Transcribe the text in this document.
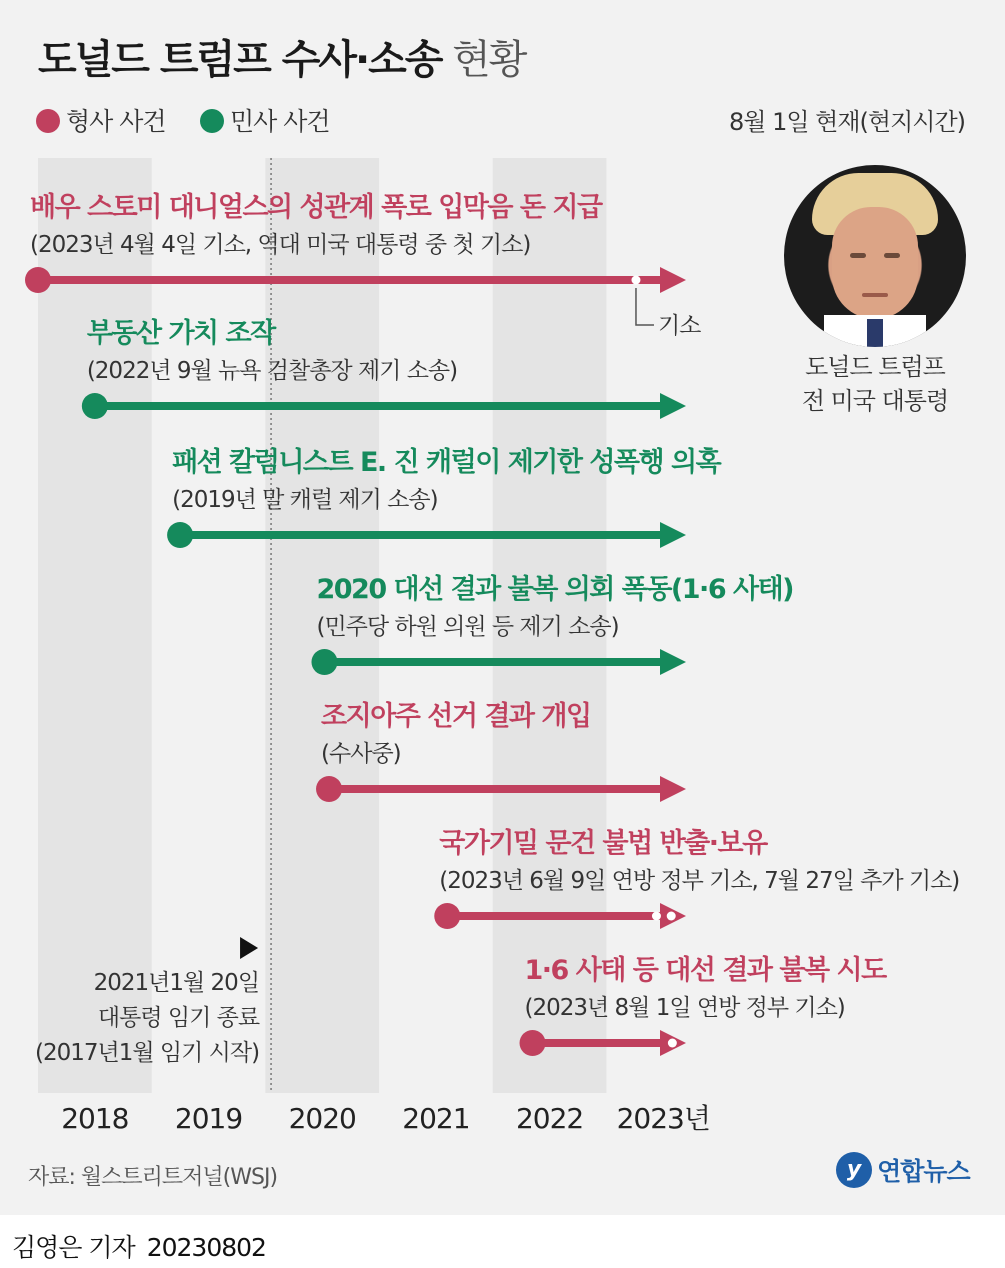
도널드 트럼프 수사·소송 현황
형사 사건	민사 사건	8월 1일 현재(현지시간)
2018 2019 2020 2021 2022 2023년
배우 스토미 대니얼스의 성관계 폭로 입막음 돈 지급
(2023년 4월 4일 기소, 역대 미국 대통령 중 첫 기소)
기소
부동산 가치 조작
(2022년 9월 뉴욕 검찰총장 제기 소송)
패션 칼럼니스트 E. 진 캐럴이 제기한 성폭행 의혹
(2019년 말 캐럴 제기 소송)
2020 대선 결과 불복 의회 폭동(1·6 사태)
(민주당 하원 의원 등 제기 소송)
조지아주 선거 결과 개입
(수사중)
국가기밀 문건 불법 반출·보유
(2023년 6월 9일 연방 정부 기소, 7월 27일 추가 기소)
1·6 사태 등 대선 결과 불복 시도
(2023년 8월 1일 연방 정부 기소)
2021년1월 20일
대통령 임기 종료
(2017년1월 임기 시작)
도널드 트럼프
전 미국 대통령
자료: 월스트리트저널(WSJ)	y 연합뉴스
김영은 기자 20230802
